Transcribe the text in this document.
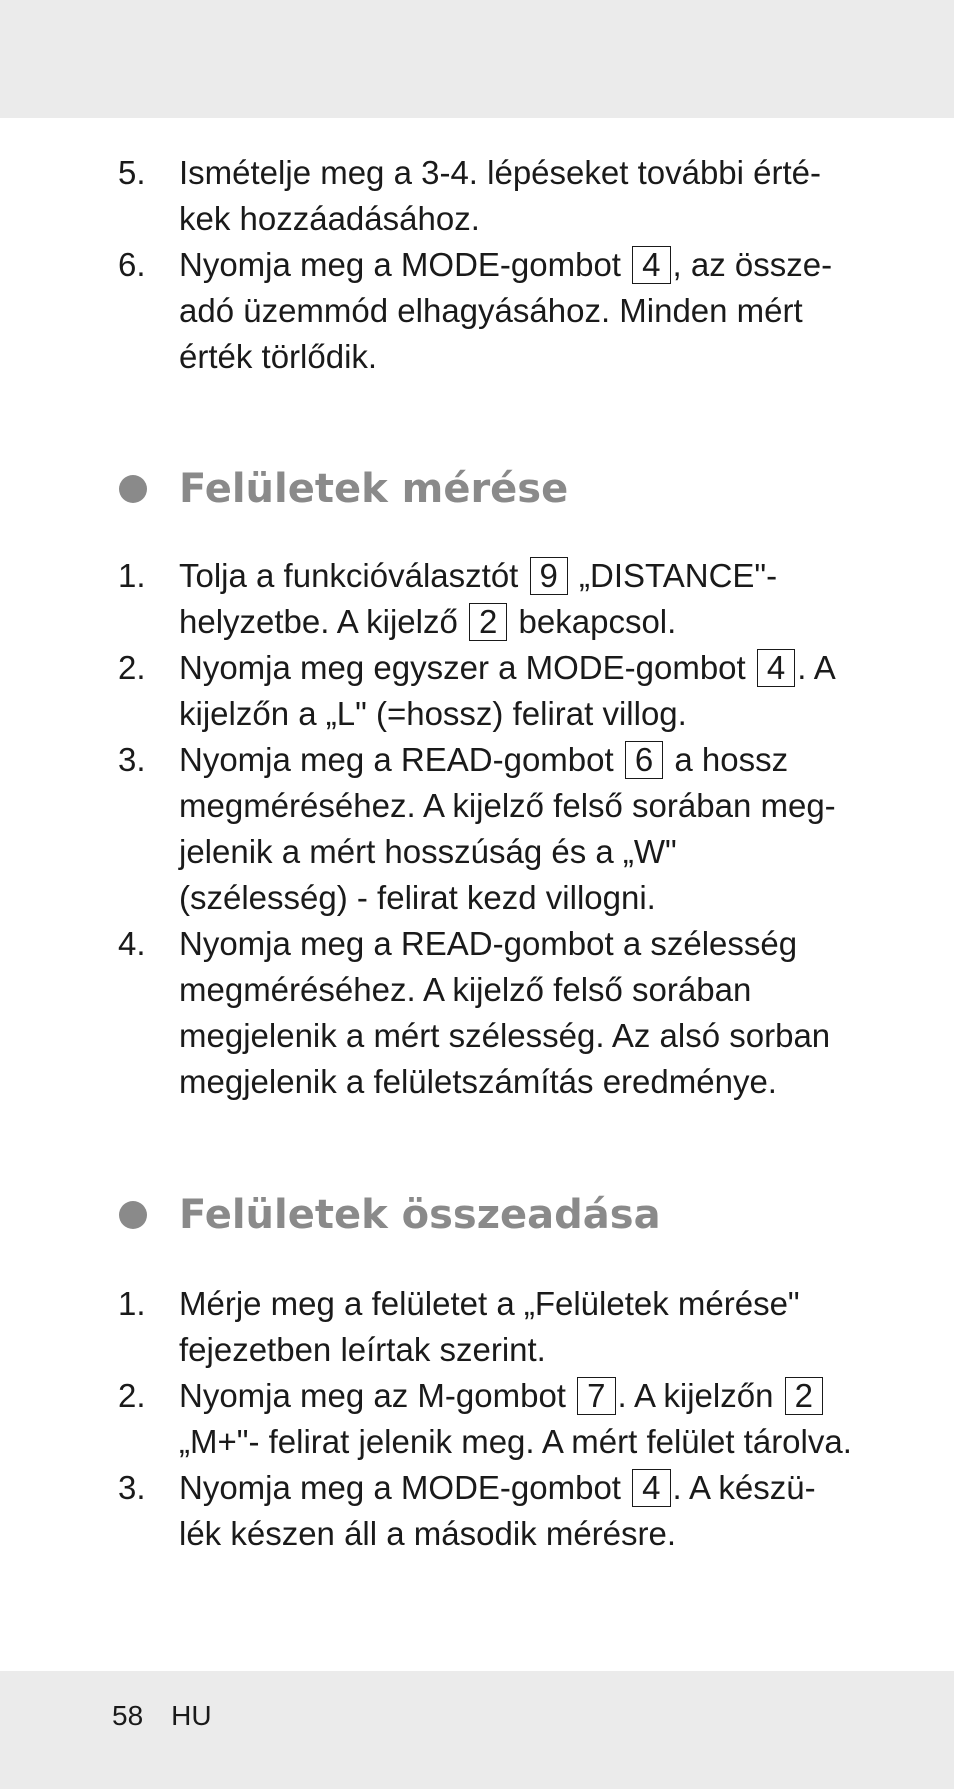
5. Ismételje meg a 3-4. lépéseket további érté-kek hozzáadásához.
6. Nyomja meg a MODE-gombot 4 , az össze-adó üzemmód elhagyásához. Minden mért érték törlődik.
Felületek mérése
1. Tolja a funkcióválasztót 9 „DISTANCE"-helyzetbe. A kijelző 2 bekapcsol.
2. Nyomja meg egyszer a MODE-gombot 4 . A kijelzőn a „L" (=hossz) felirat villog.
3. Nyomja meg a READ-gombot 6 a hossz megméréséhez. A kijelző felső sorában meg-jelenik a mért hosszúság és a „W" (szélesség) - felirat kezd villogni.
4. Nyomja meg a READ-gombot a szélesség megméréséhez. A kijelző felső sorában megjelenik a mért szélesség. Az alsó sorban megjelenik a felületszámítás eredménye.
Felületek összeadása
1. Mérje meg a felületet a „Felületek mérése" fejezetben leírtak szerint.
2. Nyomja meg az M-gombot 7 . A kijelzőn 2 „M+"- felirat jelenik meg. A mért felület tárolva.
3. Nyomja meg a MODE-gombot 4 . A készü-lék készen áll a második mérésre.
58 HU
